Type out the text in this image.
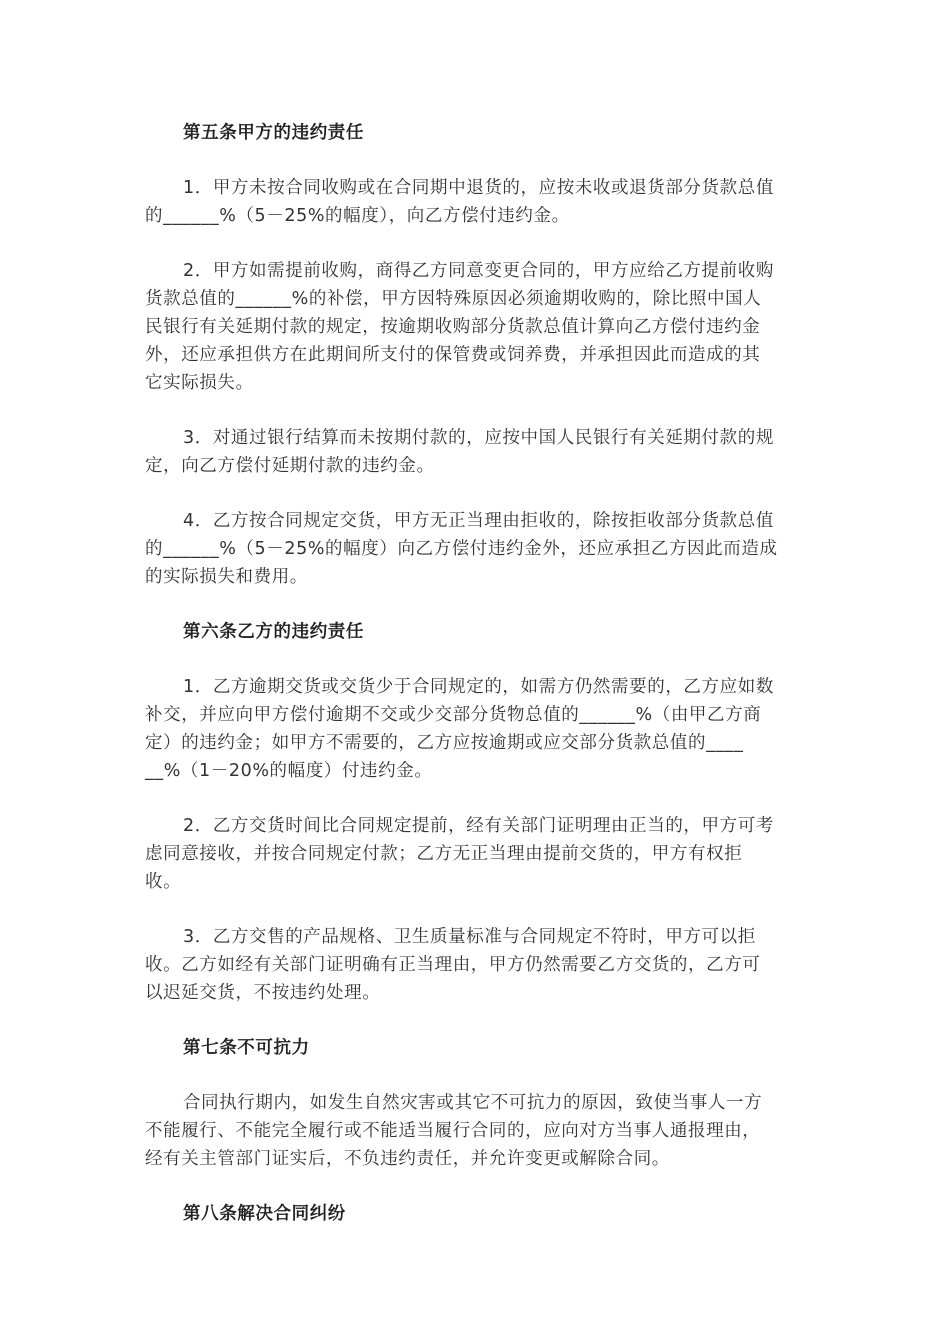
第五条甲方的违约责任
1．甲方未按合同收购或在合同期中退货的，应按未收或退货部分货款总值
的______%（5－25%的幅度），向乙方偿付违约金。
2．甲方如需提前收购，商得乙方同意变更合同的，甲方应给乙方提前收购
货款总值的______%的补偿，甲方因特殊原因必须逾期收购的，除比照中国人
民银行有关延期付款的规定，按逾期收购部分货款总值计算向乙方偿付违约金
外，还应承担供方在此期间所支付的保管费或饲养费，并承担因此而造成的其
它实际损失。
3．对通过银行结算而未按期付款的，应按中国人民银行有关延期付款的规
定，向乙方偿付延期付款的违约金。
4．乙方按合同规定交货，甲方无正当理由拒收的，除按拒收部分货款总值
的______%（5－25%的幅度）向乙方偿付违约金外，还应承担乙方因此而造成
的实际损失和费用。
第六条乙方的违约责任
1．乙方逾期交货或交货少于合同规定的，如需方仍然需要的，乙方应如数
补交，并应向甲方偿付逾期不交或少交部分货物总值的______%（由甲乙方商
定）的违约金；如甲方不需要的，乙方应按逾期或应交部分货款总值的____
__%（1－20%的幅度）付违约金。
2．乙方交货时间比合同规定提前，经有关部门证明理由正当的，甲方可考
虑同意接收，并按合同规定付款；乙方无正当理由提前交货的，甲方有权拒
收。
3．乙方交售的产品规格、卫生质量标准与合同规定不符时，甲方可以拒
收。乙方如经有关部门证明确有正当理由，甲方仍然需要乙方交货的，乙方可
以迟延交货，不按违约处理。
第七条不可抗力
合同执行期内，如发生自然灾害或其它不可抗力的原因，致使当事人一方
不能履行、不能完全履行或不能适当履行合同的，应向对方当事人通报理由，
经有关主管部门证实后，不负违约责任，并允许变更或解除合同。
第八条解决合同纠纷
